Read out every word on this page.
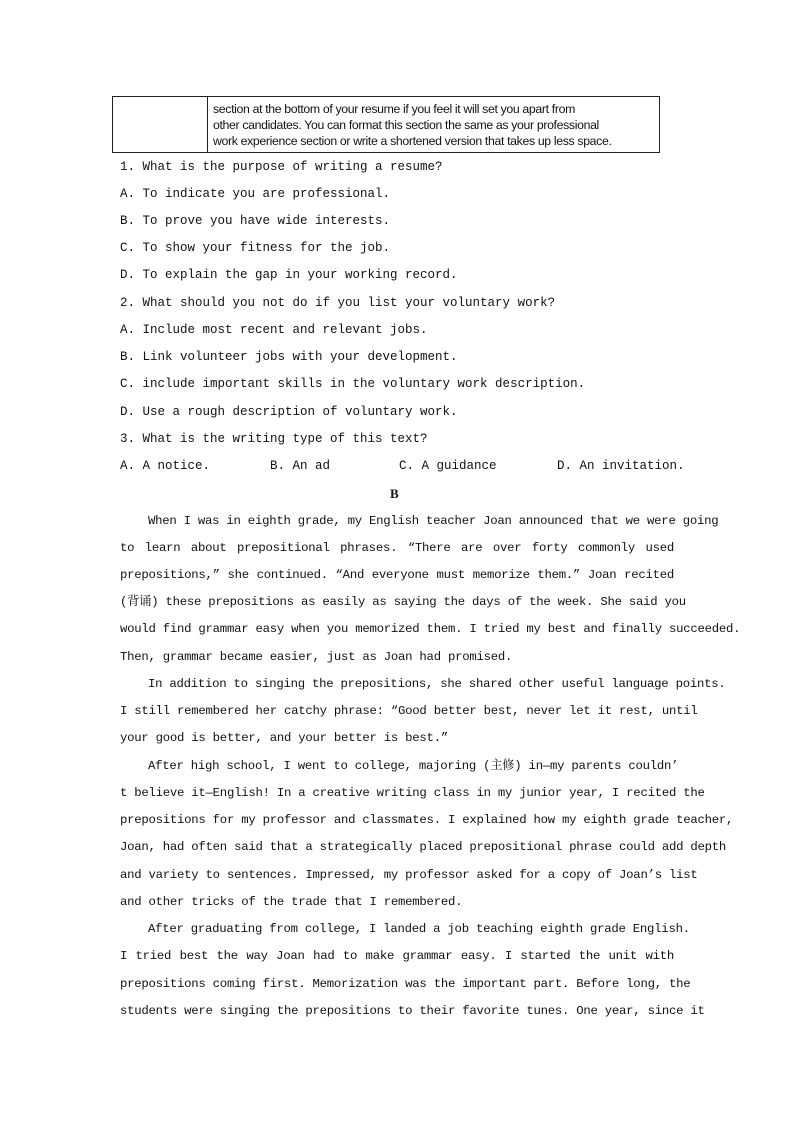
section at the bottom of your resume if you feel it will set you apart from
other candidates. You can format this section the same as your professional
work experience section or write a shortened version that takes up less space.
1. What is the purpose of writing a resume?
A. To indicate you are professional.
B. To prove you have wide interests.
C. To show your fitness for the job.
D. To explain the gap in your working record.
2. What should you not do if you list your voluntary work?
A. Include most recent and relevant jobs.
B. Link volunteer jobs with your development.
C. include important skills in the voluntary work description.
D. Use a rough description of voluntary work.
3. What is the writing type of this text?
A. A notice.	B. An ad	C. A guidance	D. An invitation.
B
When I was in eighth grade, my English teacher Joan announced that we were going
to learn about prepositional phrases. “There are over forty commonly used
prepositions,” she continued. “And everyone must memorize them.” Joan recited
(背诵) these prepositions as easily as saying the days of the week. She said you
would find grammar easy when you memorized them. I tried my best and finally succeeded.
Then, grammar became easier, just as Joan had promised.
In addition to singing the prepositions, she shared other useful language points.
I still remembered her catchy phrase: “Good better best, never let it rest, until
your good is better, and your better is best.”
After high school, I went to college, majoring (主修) in—my parents couldn’
t believe it—English! In a creative writing class in my junior year, I recited the
prepositions for my professor and classmates. I explained how my eighth grade teacher,
Joan, had often said that a strategically placed prepositional phrase could add depth
and variety to sentences. Impressed, my professor asked for a copy of Joan’s list
and other tricks of the trade that I remembered.
After graduating from college, I landed a job teaching eighth grade English.
I tried best the way Joan had to make grammar easy. I started the unit with
prepositions coming first. Memorization was the important part. Before long, the
students were singing the prepositions to their favorite tunes. One year, since it
